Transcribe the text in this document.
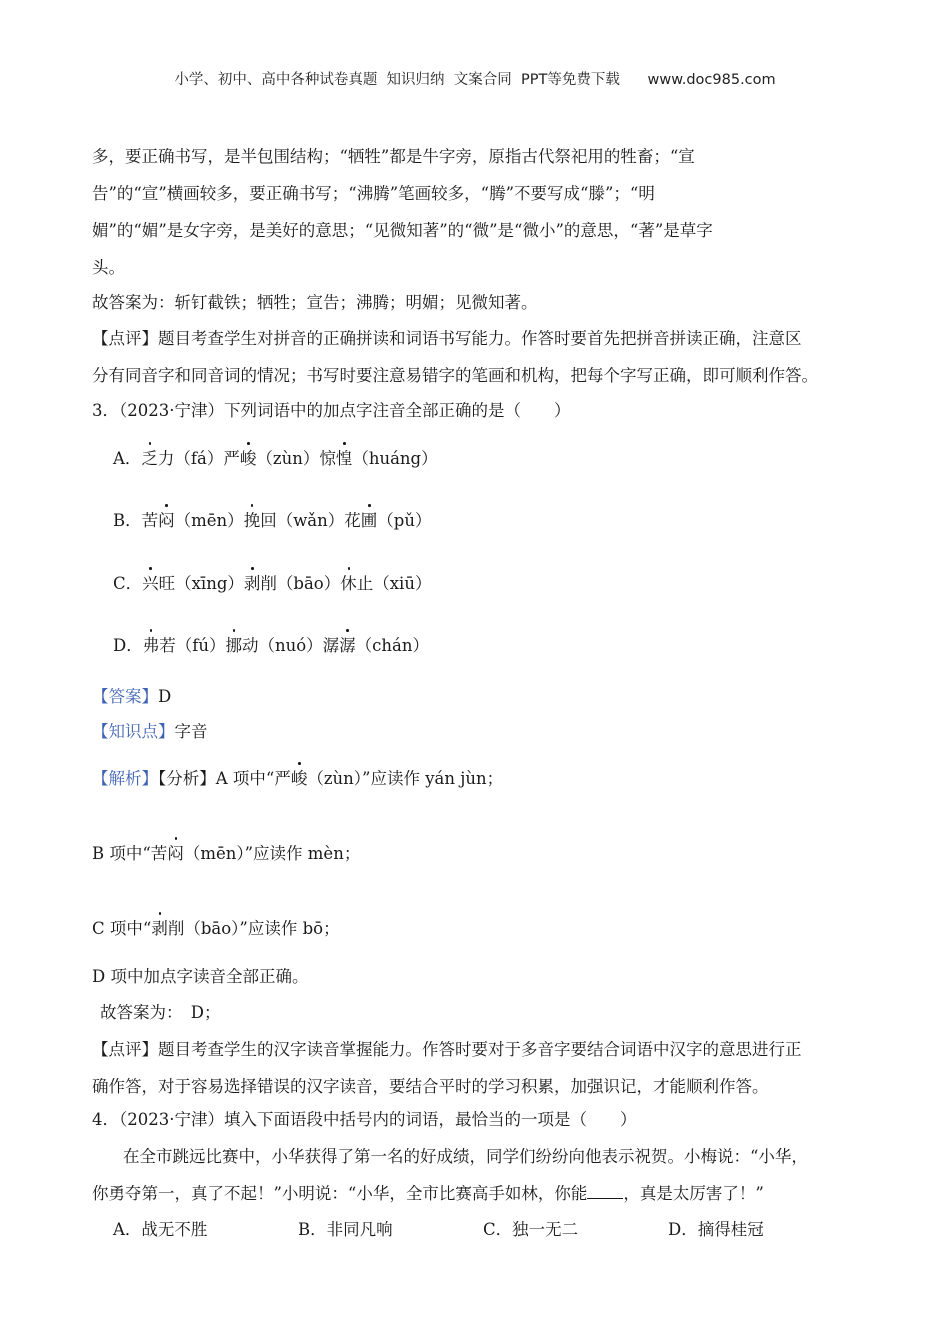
小学、初中、高中各种试卷真题  知识归纳  文案合同  PPT等免费下载      www.doc985.com
多，要正确书写，是半包围结构；“牺牲”都是牛字旁，原指古代祭祀用的牲畜；“宣
告”的“宣”横画较多，要正确书写；“沸腾”笔画较多，“腾”不要写成“滕”；“明
媚”的“媚”是女字旁，是美好的意思；“见微知著”的“微”是“微小”的意思，“著”是草字
头。
故答案为：斩钉截铁；牺牲；宣告；沸腾；明媚；见微知著。
【点评】题目考查学生对拼音的正确拼读和词语书写能力。作答时要首先把拼音拼读正确，注意区
分有同音字和同音词的情况；书写时要注意易错字的笔画和机构，把每个字写正确，即可顺利作答。
3．（2023·宁津）下列词语中的加点字注音全部正确的是（　　）
A．乏力（fá）严峻（zùn）惊惶（huáng）
B．苦闷（mēn）挽回（wǎn）花圃（pǔ）
C．兴旺（xīng）剥削（bāo）休止（xiū）
D．弗若（fú）挪动（nuó）潺潺（chán）
【答案】D
【知识点】字音
【解析】【分析】A 项中“严峻（zùn）”应读作 yán jùn；
B 项中“苦闷（mēn）”应读作 mèn；
C 项中“剥削（bāo）”应读作 bō；
D 项中加点字读音全部正确。
故答案为：　D；
【点评】题目考查学生的汉字读音掌握能力。作答时要对于多音字要结合词语中汉字的意思进行正
确作答，对于容易选择错误的汉字读音，要结合平时的学习积累，加强识记，才能顺利作答。
4．（2023·宁津）填入下面语段中括号内的词语，最恰当的一项是（　　）
在全市跳远比赛中，小华获得了第一名的好成绩，同学们纷纷向他表示祝贺。小梅说：“小华，
你勇夺第一，真了不起！”小明说：“小华，全市比赛高手如林，你能 ，真是太厉害了！”
A．战无不胜	B．非同凡响	C．独一无二	D．摘得桂冠
